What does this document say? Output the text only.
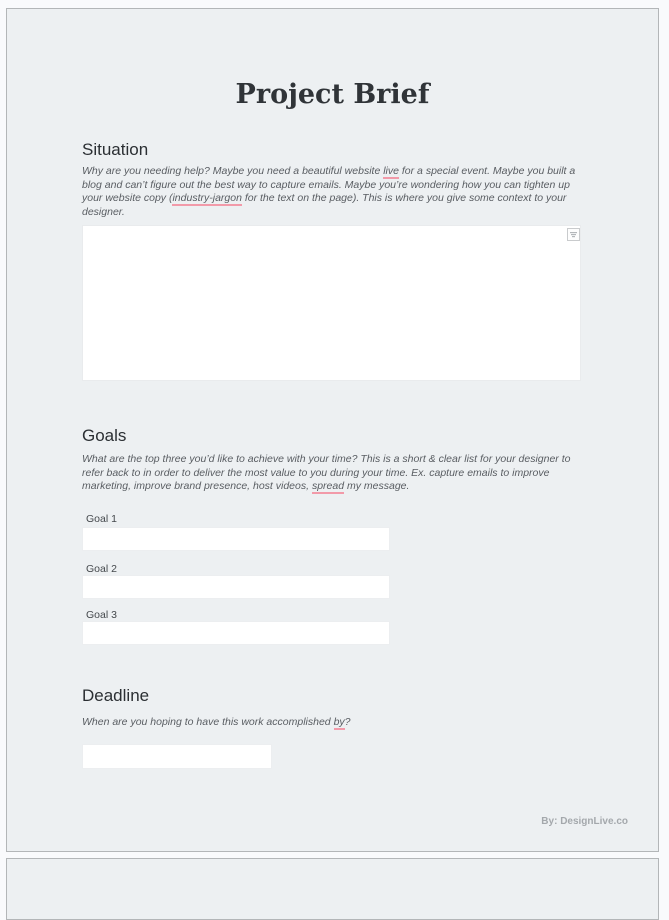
Project Brief
Situation

Why are you needing help? Maybe you need a beautiful website live for a special event. Maybe you built a blog and can’t figure out the best way to capture emails. Maybe you’re wondering how you can tighten up your website copy (industry-jargon for the text on the page). This is where you give some context to your designer.

Goals

What are the top three you’d like to achieve with your time? This is a short & clear list for your designer to refer back to in order to deliver the most value to you during your time. Ex. capture emails to improve marketing, improve brand presence, host videos, spread my message.

Goal 1
Goal 2
Goal 3
Deadline

When are you hoping to have this work accomplished by?

By: DesignLive.co
